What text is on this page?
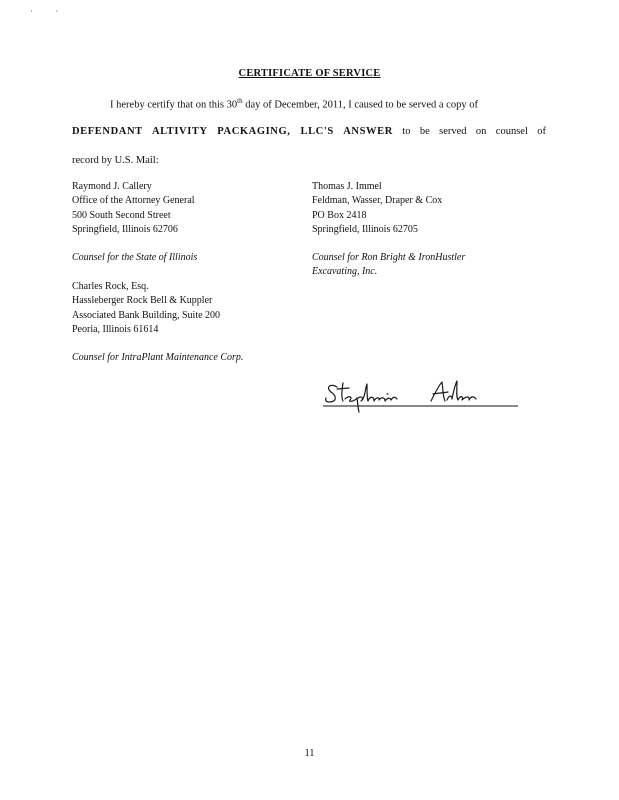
· ·
CERTIFICATE OF SERVICE
I hereby certify that on this 30th day of December, 2011, I caused to be served a copy of
DEFENDANT ALTIVITY PACKAGING, LLC'S ANSWER to be served on counsel of
record by U.S. Mail:
Raymond J. Callery
Office of the Attorney General
500 South Second Street
Springfield, Illinois 62706
Counsel for the State of Illinois
Charles Rock, Esq.
Hassleberger Rock Bell & Kuppler
Associated Bank Building, Suite 200
Peoria, Illinois 61614
Counsel for IntraPlant Maintenance Corp.
Thomas J. Immel
Feldman, Wasser, Draper & Cox
PO Box 2418
Springfield, Illinois 62705
Counsel for Ron Bright & IronHustler
Excavating, Inc.
11
